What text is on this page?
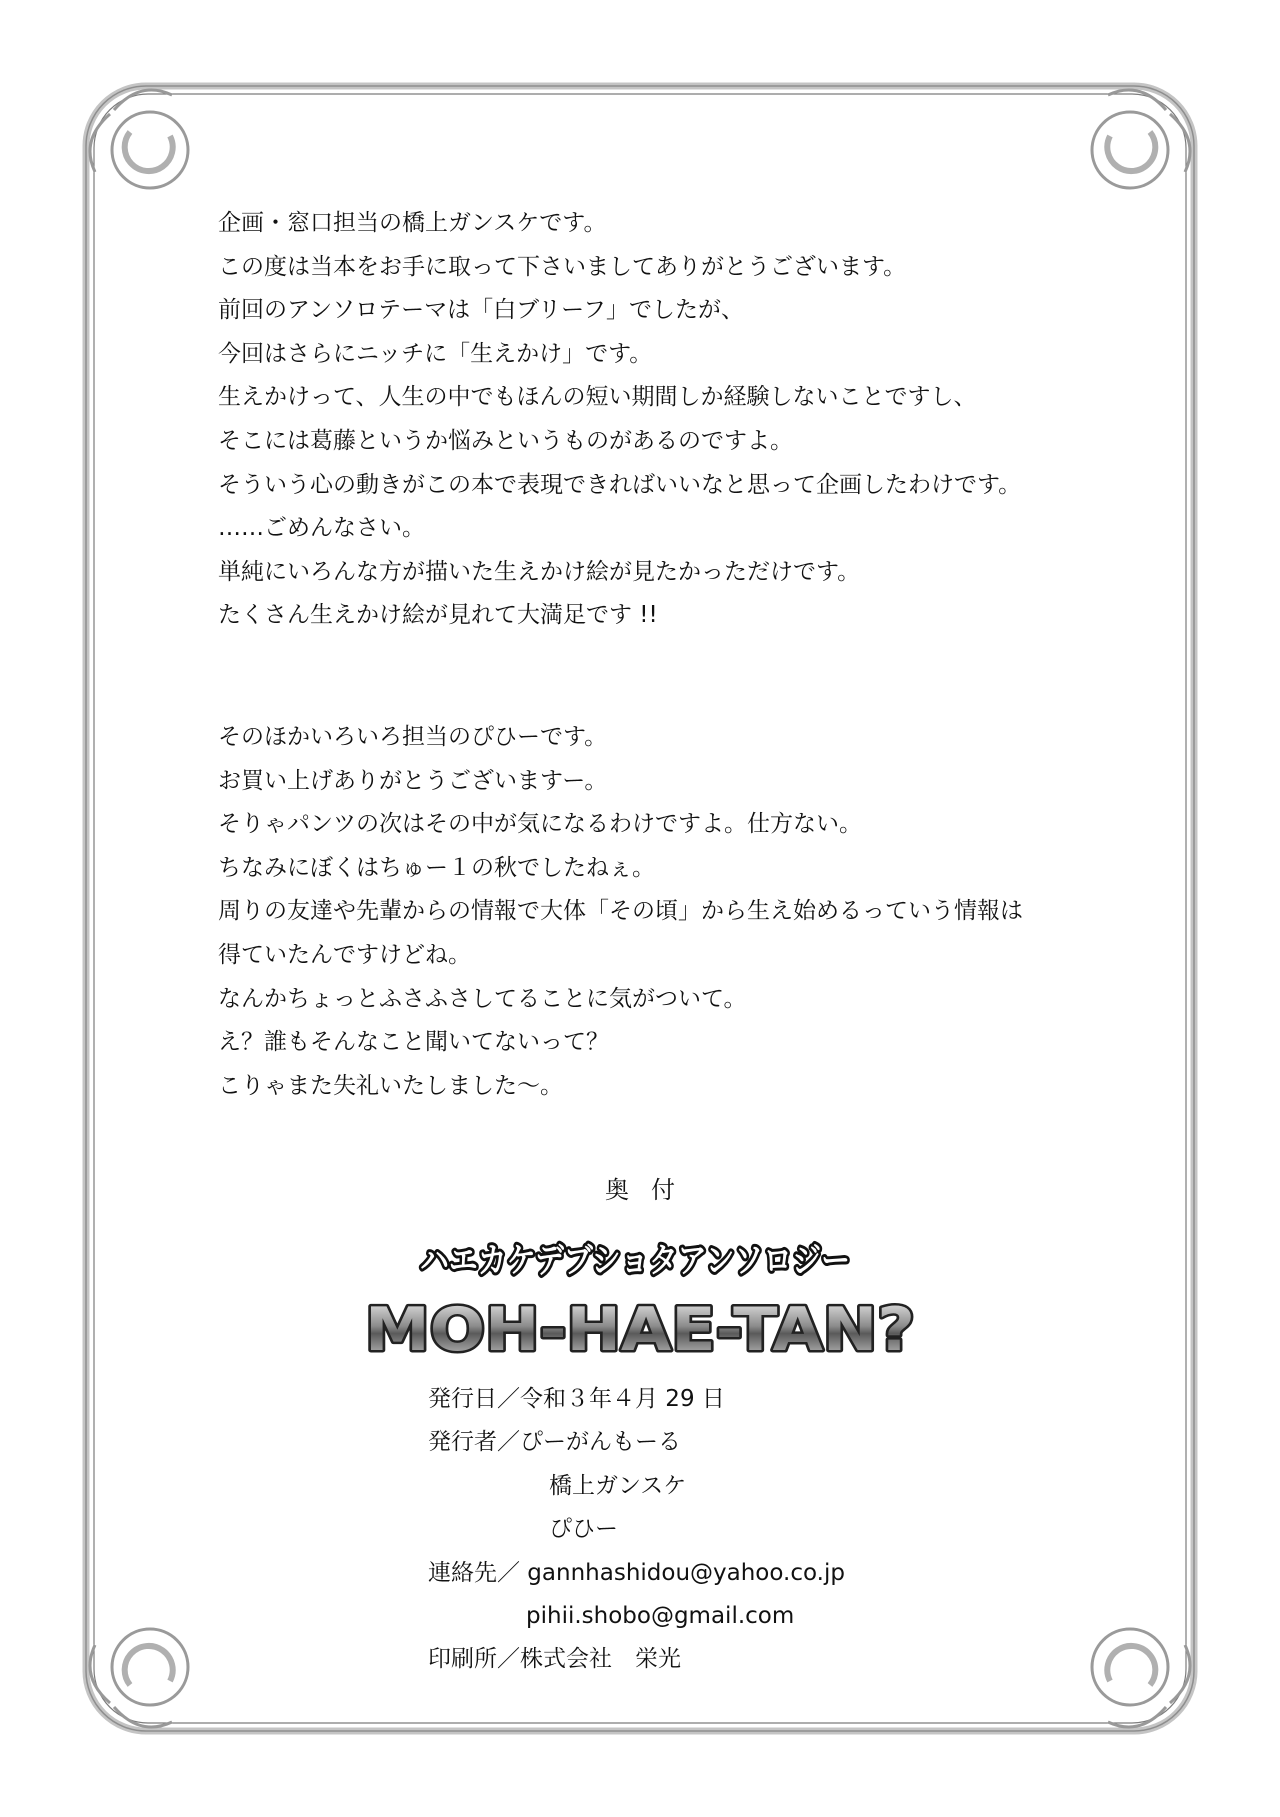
企画・窓口担当の橋上ガンスケです。
この度は当本をお手に取って下さいましてありがとうございます。
前回のアンソロテーマは「白ブリーフ」でしたが、
今回はさらにニッチに「生えかけ」です。
生えかけって、人生の中でもほんの短い期間しか経験しないことですし、
そこには葛藤というか悩みというものがあるのですよ。
そういう心の動きがこの本で表現できればいいなと思って企画したわけです。
……ごめんなさい。
単純にいろんな方が描いた生えかけ絵が見たかっただけです。
たくさん生えかけ絵が見れて大満足です !!
そのほかいろいろ担当のぴひーです。
お買い上げありがとうございますー。
そりゃパンツの次はその中が気になるわけですよ。仕方ない。
ちなみにぼくはちゅー１の秋でしたねぇ。
周りの友達や先輩からの情報で大体「その頃」から生え始めるっていう情報は
得ていたんですけどね。
なんかちょっとふさふさしてることに気がついて。
え？誰もそんなこと聞いてないって？
こりゃまた失礼いたしました～。
奥付
ハエカケデブショタアンソロジー
MOH-HAE-TAN?
発行日／令和３年４月 29 日
発行者／ぴーがんもーる
橋上ガンスケ
ぴひー
連絡先／ gannhashidou@yahoo.co.jp
pihii.shobo@gmail.com
印刷所／株式会社　栄光
